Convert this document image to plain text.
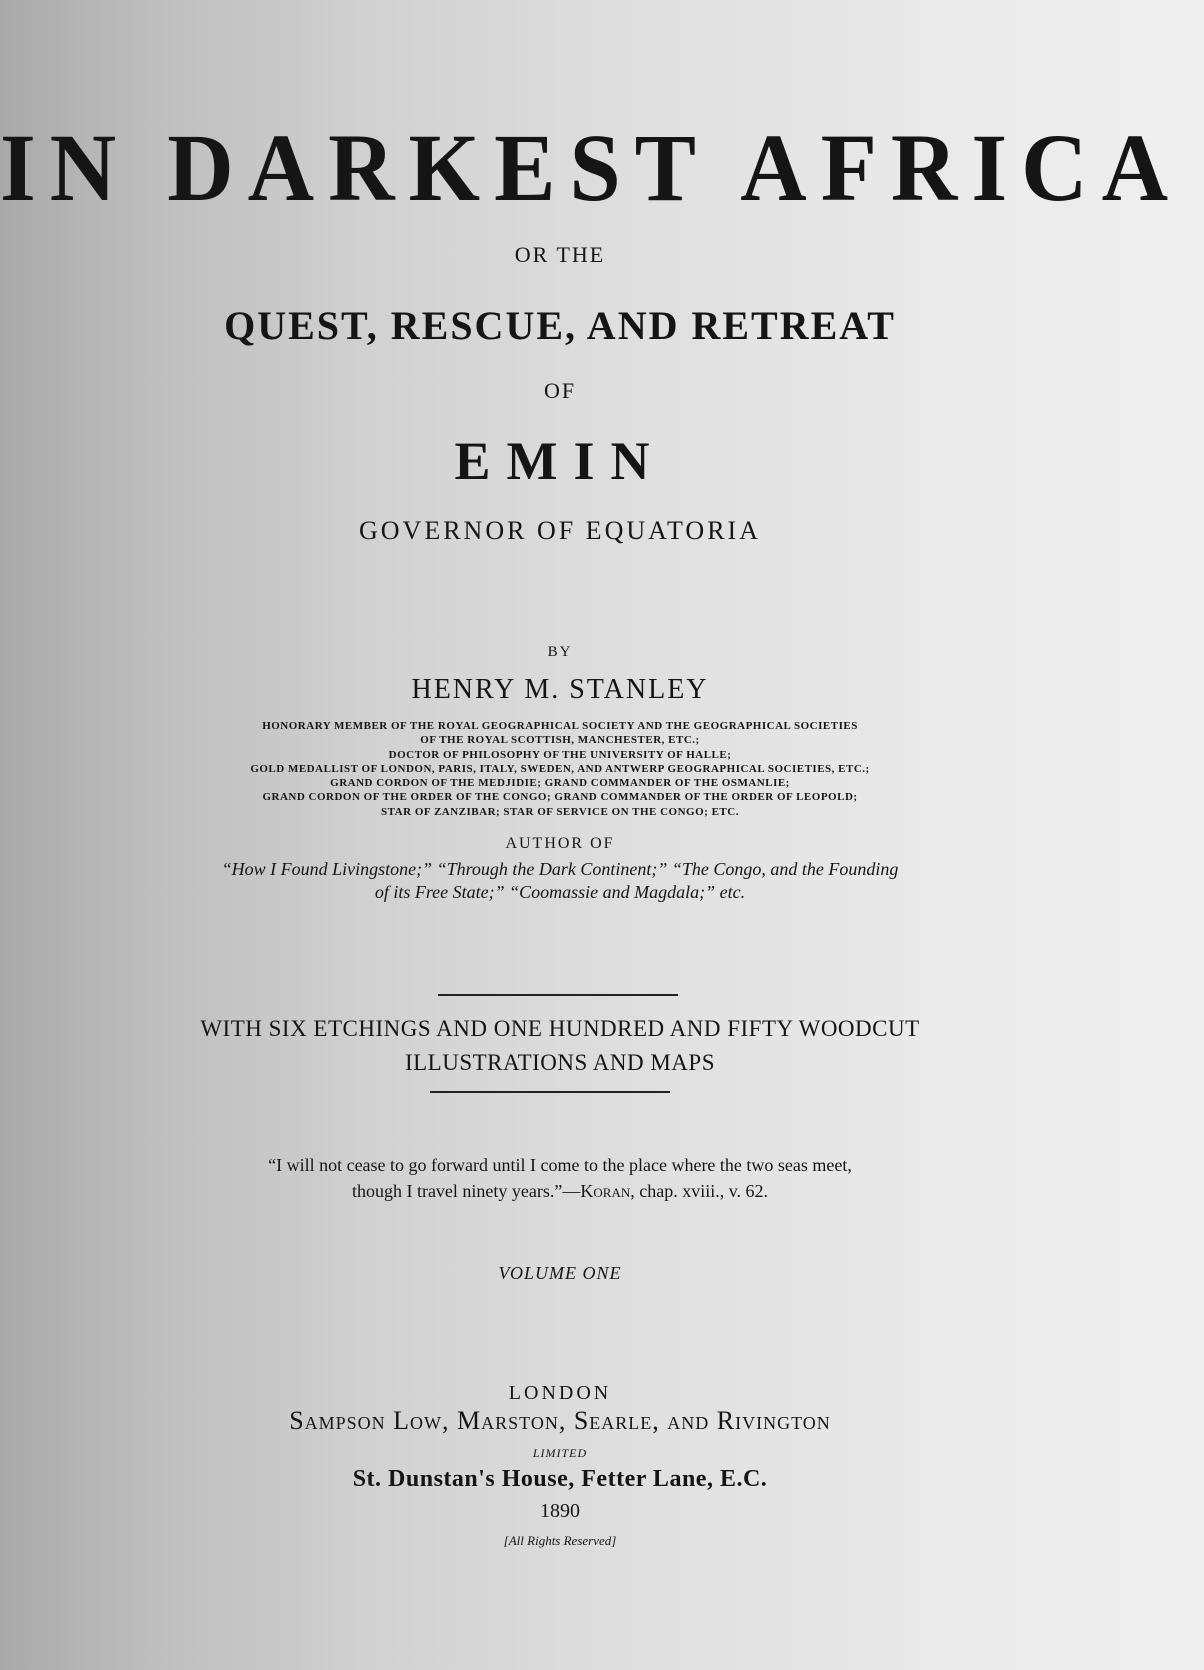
IN DARKEST AFRICA
OR THE
QUEST, RESCUE, AND RETREAT
OF
EMIN
GOVERNOR OF EQUATORIA
BY
HENRY M. STANLEY
HONORARY MEMBER OF THE ROYAL GEOGRAPHICAL SOCIETY AND THE GEOGRAPHICAL SOCIETIES
OF THE ROYAL SCOTTISH, MANCHESTER, ETC.;
DOCTOR OF PHILOSOPHY OF THE UNIVERSITY OF HALLE;
GOLD MEDALLIST OF LONDON, PARIS, ITALY, SWEDEN, AND ANTWERP GEOGRAPHICAL SOCIETIES, ETC.;
GRAND CORDON OF THE MEDJIDIE; GRAND COMMANDER OF THE OSMANLIE;
GRAND CORDON OF THE ORDER OF THE CONGO; GRAND COMMANDER OF THE ORDER OF LEOPOLD;
STAR OF ZANZIBAR; STAR OF SERVICE ON THE CONGO; ETC.
AUTHOR OF
“How I Found Livingstone;” “Through the Dark Continent;” “The Congo, and the Founding
of its Free State;” “Coomassie and Magdala;” etc.
WITH SIX ETCHINGS AND ONE HUNDRED AND FIFTY WOODCUT
ILLUSTRATIONS AND MAPS
“I will not cease to go forward until I come to the place where the two seas meet,
though I travel ninety years.”—Koran, chap. xviii., v. 62.
VOLUME ONE
LONDON
Sampson Low, Marston, Searle, and Rivington
LIMITED
St. Dunstan's House, Fetter Lane, E.C.
1890
[All Rights Reserved]
